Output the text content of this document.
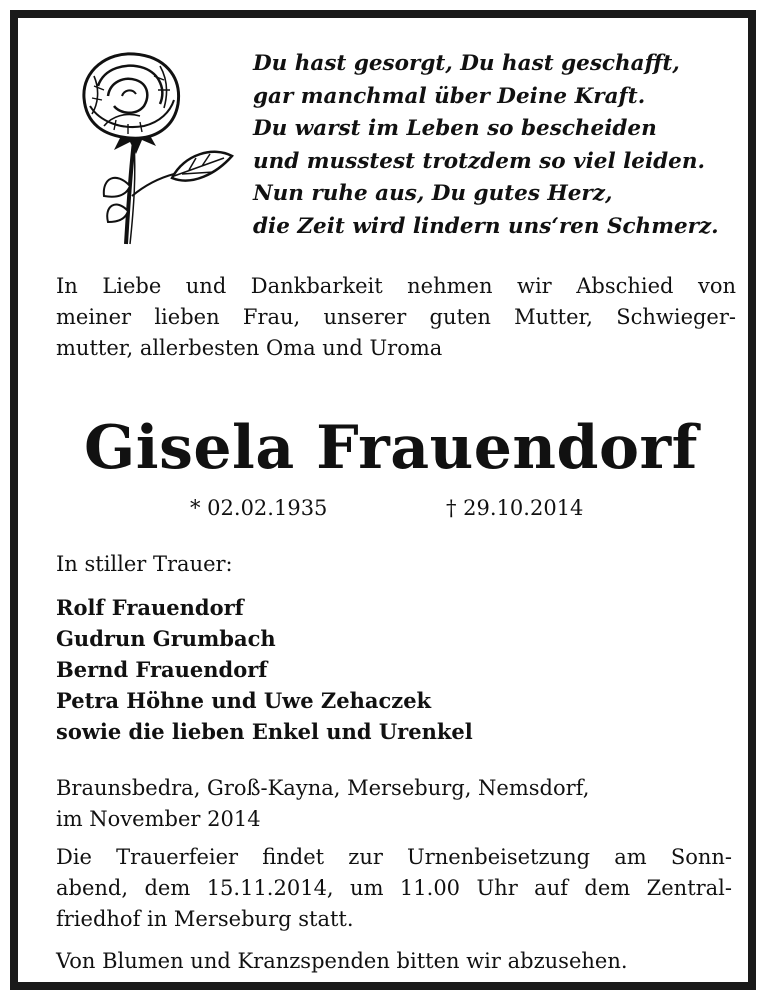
Du hast gesorgt, Du hast geschafft,
gar manchmal über Deine Kraft.
Du warst im Leben so bescheiden
und musstest trotzdem so viel leiden.
Nun ruhe aus, Du gutes Herz,
die Zeit wird lindern uns‘ren Schmerz.
In Liebe und Dankbarkeit nehmen wir Abschied von
meiner lieben Frau, unserer guten Mutter, Schwieger-
mutter, allerbesten Oma und Uroma
Gisela Frauendorf
* 02.02.1935	† 29.10.2014
In stiller Trauer:
Rolf Frauendorf
Gudrun Grumbach
Bernd Frauendorf
Petra Höhne und Uwe Zehaczek
sowie die lieben Enkel und Urenkel
Braunsbedra, Groß-Kayna, Merseburg, Nemsdorf,
im November 2014
Die Trauerfeier findet zur Urnenbeisetzung am Sonn-
abend, dem 15.11.2014, um 11.00 Uhr auf dem Zentral-
friedhof in Merseburg statt.
Von Blumen und Kranzspenden bitten wir abzusehen.
